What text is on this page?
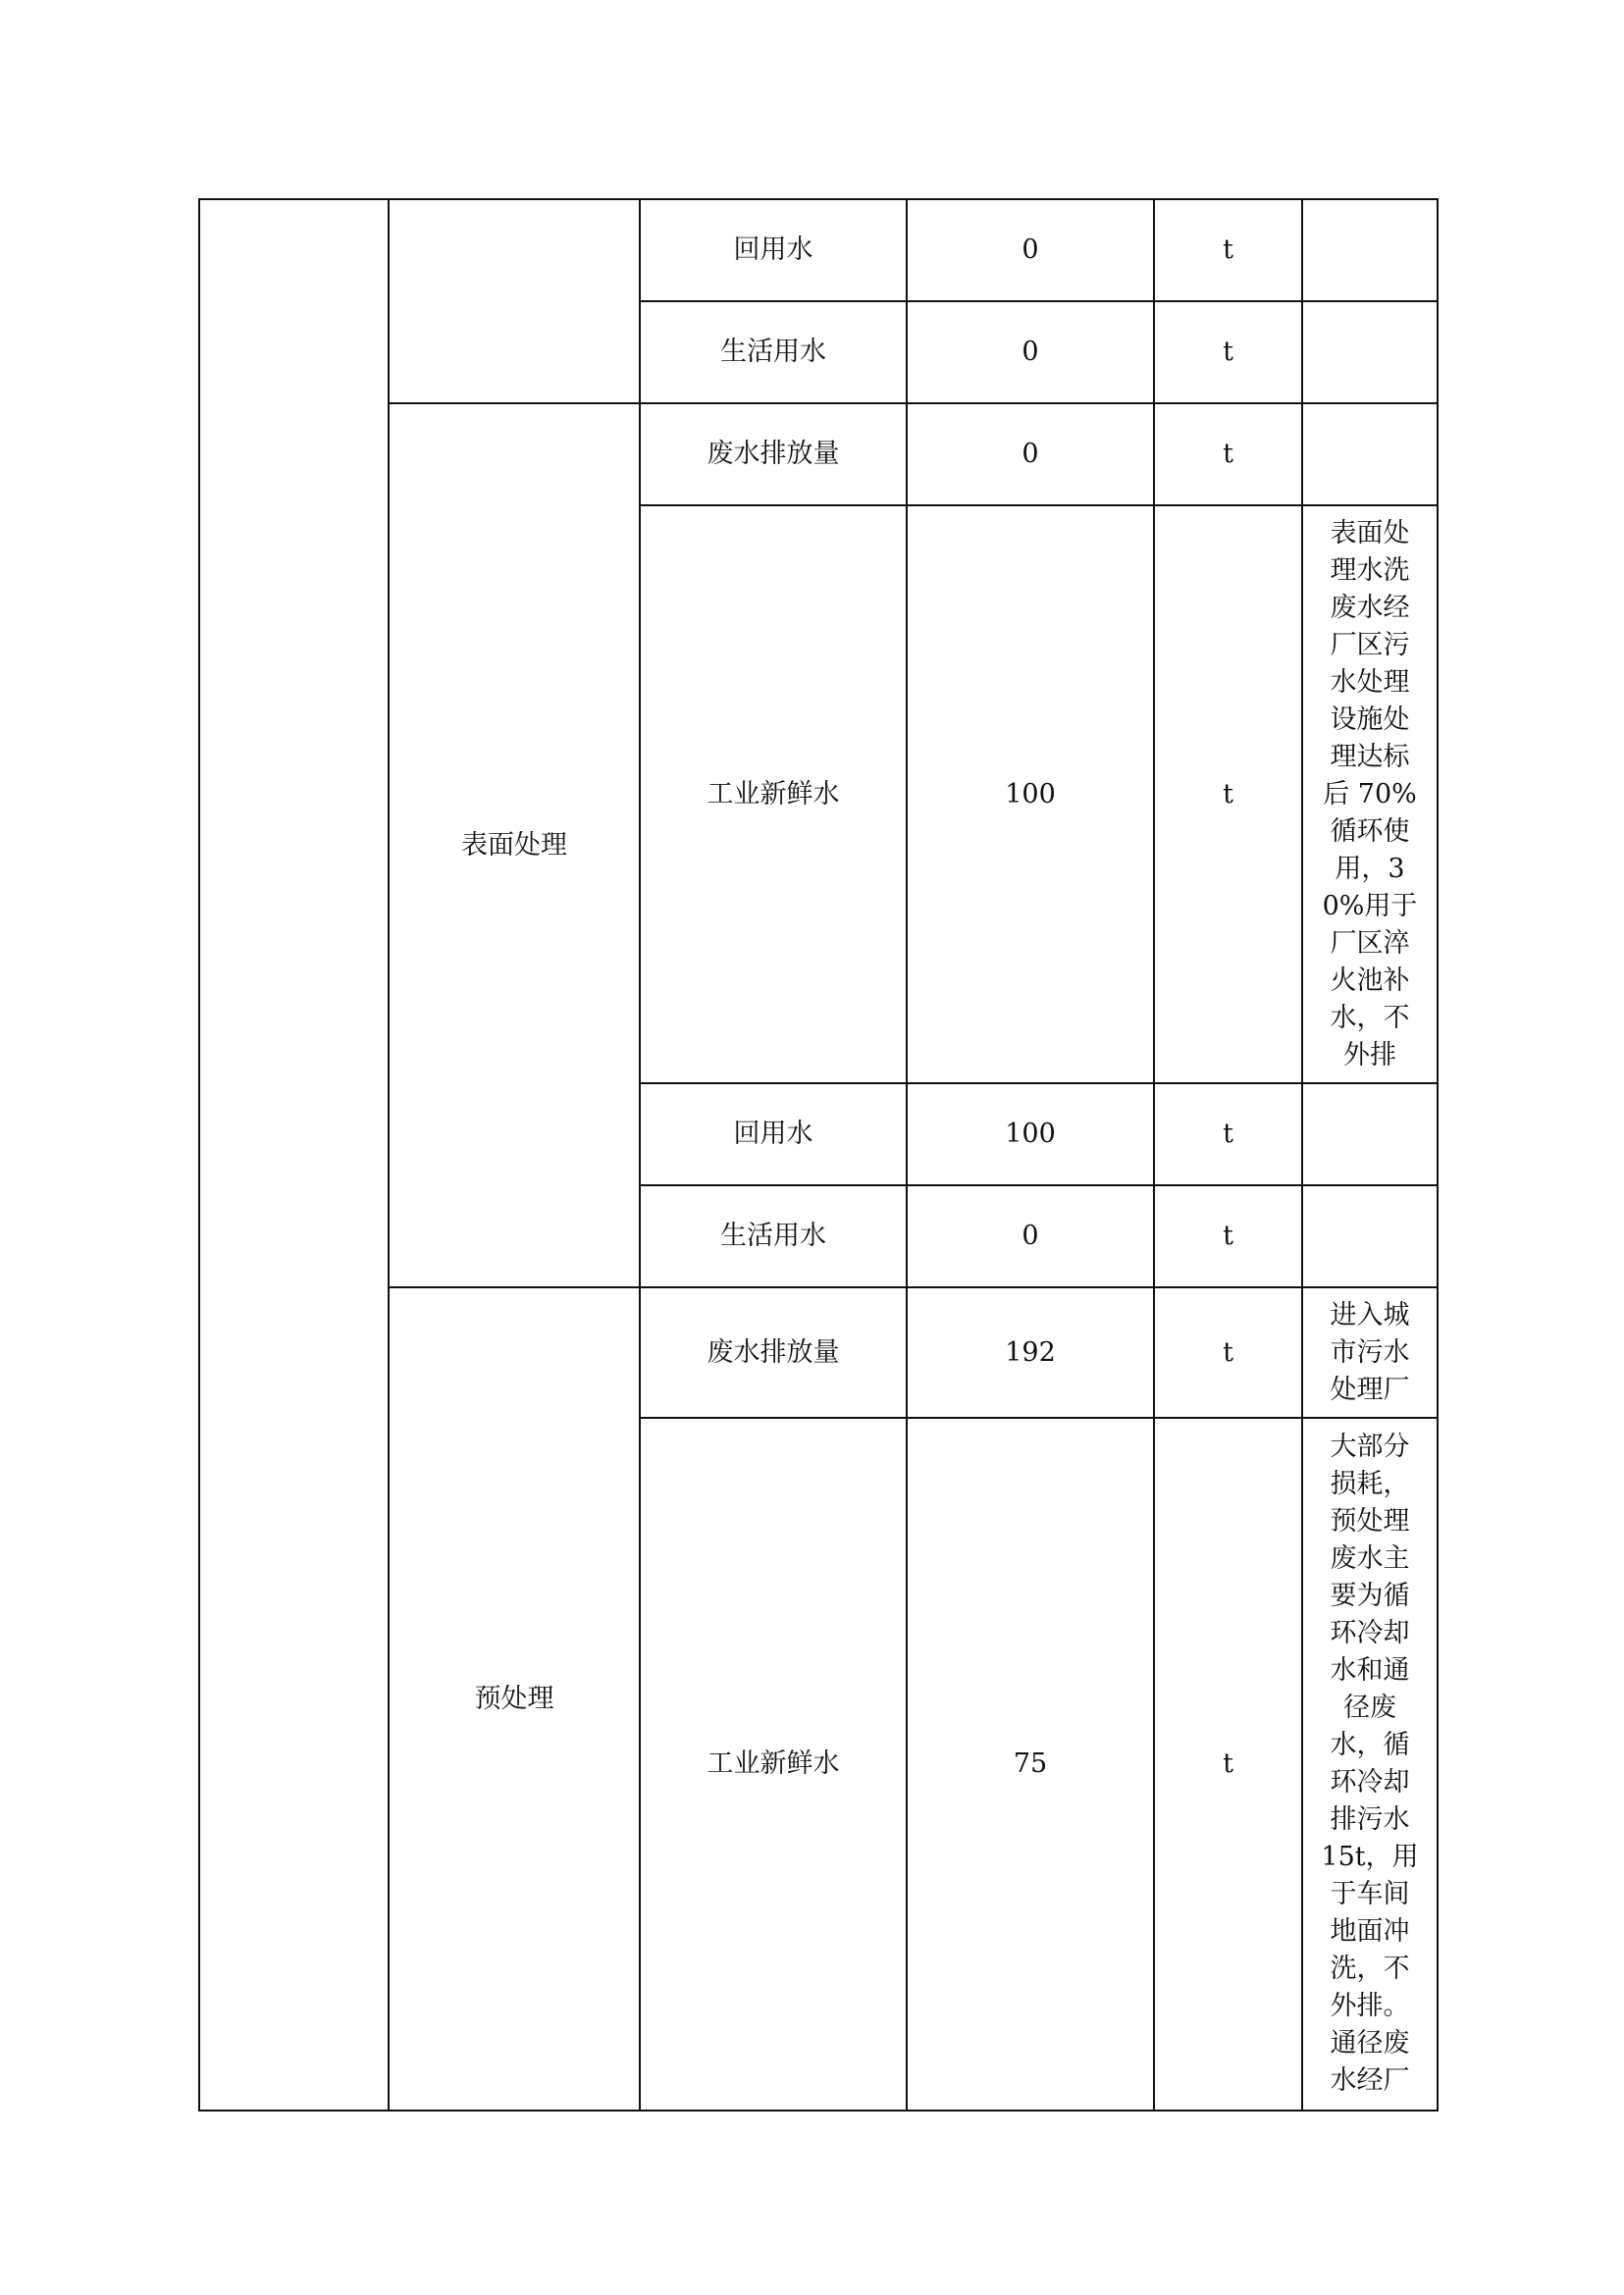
		回用水	0	t	

		生活用水	0	t	

	表面处理	废水排放量	0	t	

		工业新鲜水	100	t	表面处理水洗废水经厂区污水处理设施处理达标后 70%循环使用，30%用于厂区淬火池补水，不外排

		回用水	100	t	

		生活用水	0	t	

	预处理	废水排放量	192	t	进入城市污水处理厂

		工业新鲜水	75	t	大部分损耗，预处理废水主要为循环冷却水和通径废水，循环冷却排污水 15t，用于车间地面冲洗，不外排。通径废水经厂
